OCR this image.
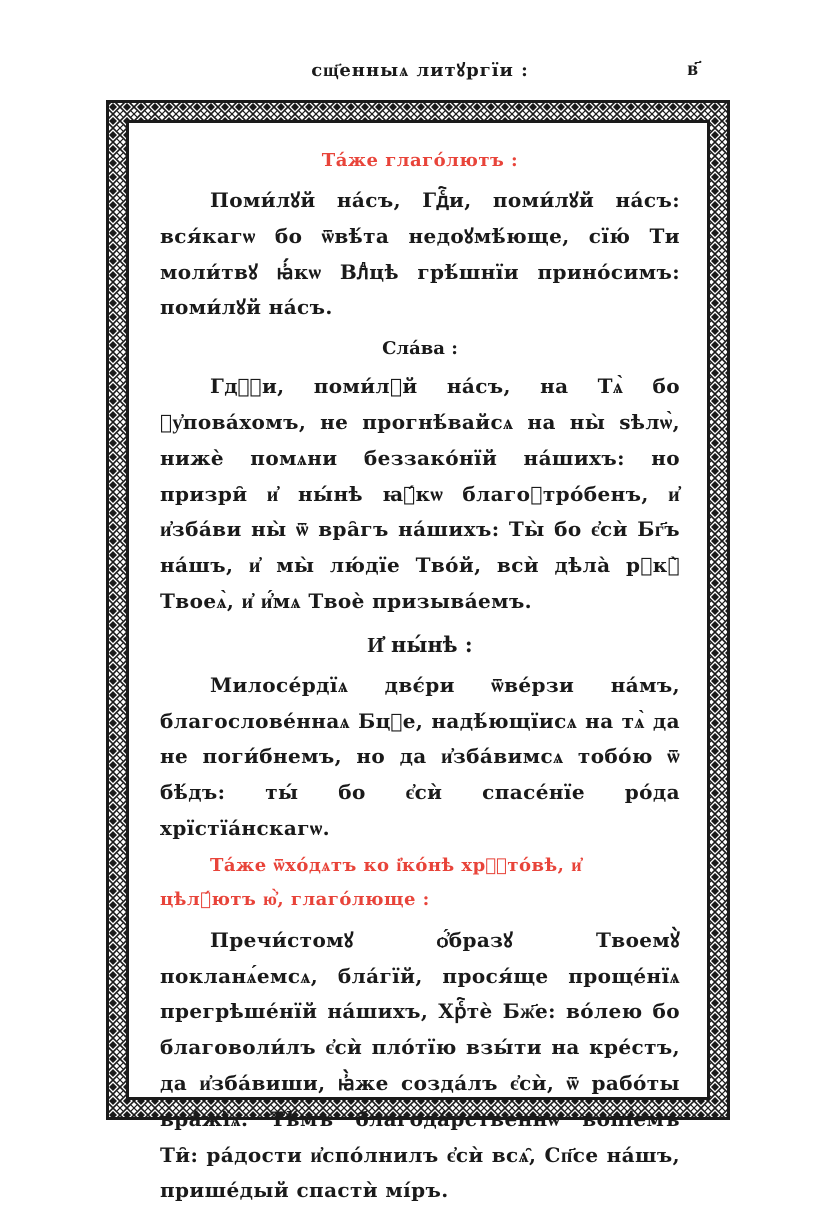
сщ҃енныѧ литꙋргїи :	в҃
Та́же глаго́лютъ :

Поми́лꙋй на́съ, Гдⷭ҇и, поми́лꙋй на́съ: вся́кагѡ бо ѿвѣ́та недоꙋмѣ́юще, сїю́ Ти моли́твꙋ ꙗ҆́кѡ Влⷣцѣ грѣ́шнїи прино́симъ: поми́лꙋй на́съ.

Сла́ва :

Гдⷭ҇и, поми́лꙋй на́съ, на Тѧ̀ бо ᲂу҆пова́хомъ, не прогнѣ́вайсѧ на ны̀ ѕѣлѡ̀, нижѐ помѧни беззако́нїй на́шихъ: но призри̑ и҆ ны́нѣ ꙗ҆́кѡ благоꙋтро́бенъ, и҆ и҆зба́ви ны̀ ѿ вра̑гъ на́шихъ: Ты̀ бо є҆сѝ Бг҃ъ на́шъ, и҆ мы̀ лю́дїе Тво́й, всѝ дѣла̀ рꙋкꙋ̀ Твоеѧ̀, и҆ и҆́мѧ Твоѐ призыва́емъ.

И҆ ны́нѣ :

Милосе́рдїѧ двє́ри ѿве́рзи на́мъ, благослове́ннаѧ Бцⷣе, надѣ́ющїисѧ на тѧ̀ да не поги́бнемъ, но да и҆зба́вимсѧ тобо́ю ѿ бѣ́дъ: ты́ бо є҆сѝ спасе́нїе ро́да хрїстїа́нскагѡ.

Та́же ѿхо́дѧтъ ко і҆ко́нѣ хрⷭ҇то́вѣ, и҆ цѣлꙋ́ютъ ю҆̀, глаго́люще :

Пречи́стомꙋ ѻ҆́бразꙋ Твоемꙋ̀ покланѧ́емсѧ, бла́гїй, прося́ще проще́нїѧ прегрѣше́нїй на́шихъ, Хрⷭ҇тѐ Бж҃е: во́лею бо благоволи́лъ є҆сѝ пло́тїю взы́ти на кре́стъ, да и҆зба́виши, ꙗ҆̀же созда́лъ є҆сѝ, ѿ рабо́ты вра́жїѧ. Тѣ́мъ благода́рственнѡ вопїе́мъ Ти̑: ра́дости и҆спо́лнилъ є҆сѝ всѧ̑, Сп҃се на́шъ, прише́дый спастѝ мі́ръ.
